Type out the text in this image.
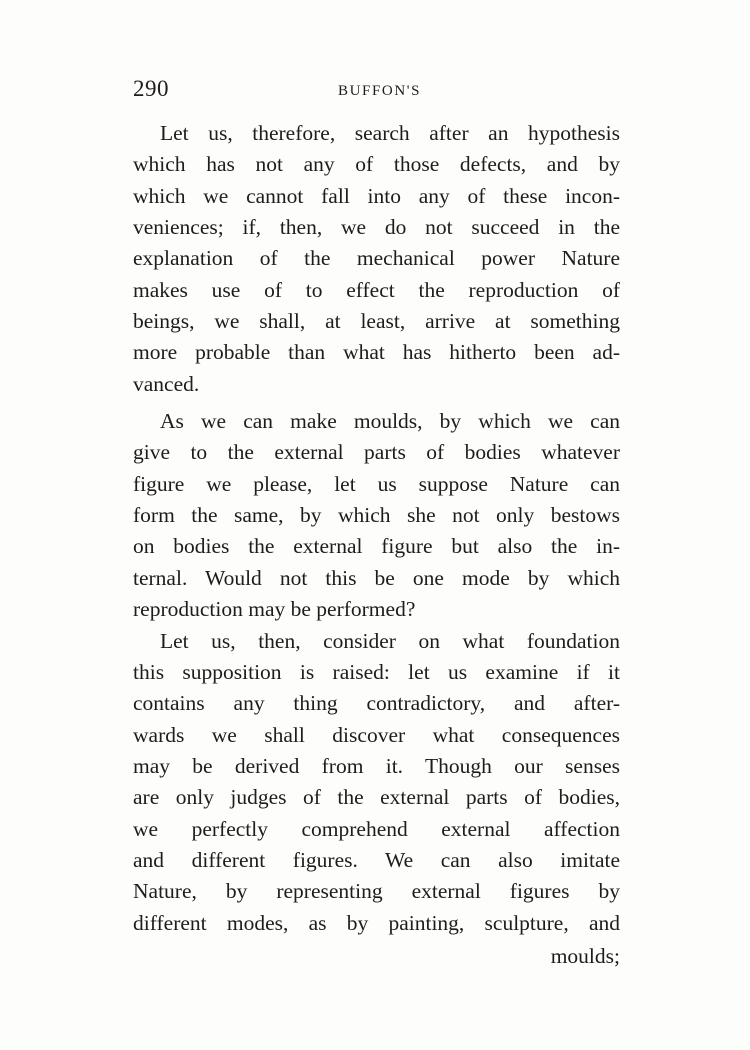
290	BUFFON'S
Let us, therefore, search after an hypothesis
which has not any of those defects, and by
which we cannot fall into any of these incon-
veniences; if, then, we do not succeed in the
explanation of the mechanical power Nature
makes use of to effect the reproduction of
beings, we shall, at least, arrive at something
more probable than what has hitherto been ad-
vanced.
As we can make moulds, by which we can
give to the external parts of bodies whatever
figure we please, let us suppose Nature can
form the same, by which she not only bestows
on bodies the external figure but also the in-
ternal. Would not this be one mode by which
reproduction may be performed?
Let us, then, consider on what foundation
this supposition is raised: let us examine if it
contains any thing contradictory, and after-
wards we shall discover what consequences
may be derived from it. Though our senses
are only judges of the external parts of bodies,
we perfectly comprehend external affection
and different figures. We can also imitate
Nature, by representing external figures by
different modes, as by painting, sculpture, and
moulds;
